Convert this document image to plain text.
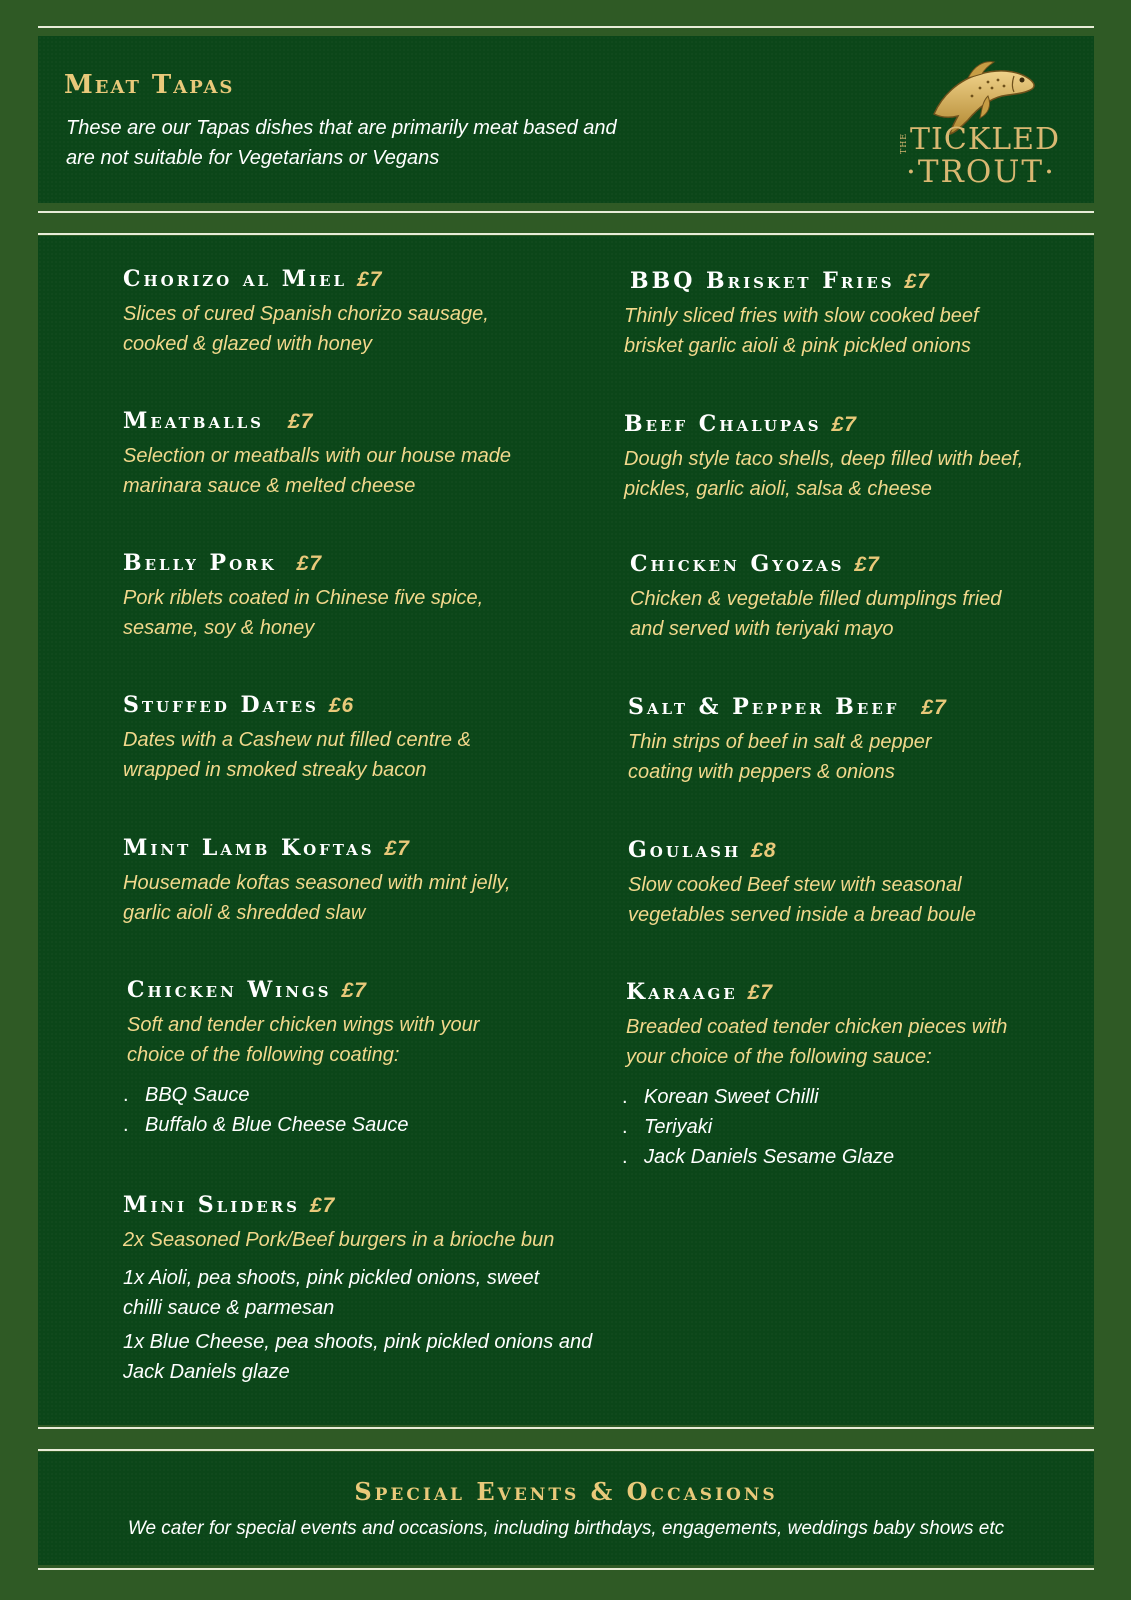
Meat Tapas

These are our Tapas dishes that are primarily meat based and are not suitable for Vegetarians or Vegans

THE TICKLED
·TROUT·
Chorizo al Miel £7

Slices of cured Spanish chorizo sausage, cooked & glazed with honey

Meatballs £7

Selection or meatballs with our house made marinara sauce & melted cheese

Belly Pork £7

Pork riblets coated in Chinese five spice, sesame, soy & honey

Stuffed Dates £6

Dates with a Cashew nut filled centre & wrapped in smoked streaky bacon

Mint Lamb Koftas £7

Housemade koftas seasoned with mint jelly, garlic aioli & shredded slaw

Chicken Wings £7

Soft and tender chicken wings with your choice of the following coating:

. BBQ Sauce
. Buffalo & Blue Cheese Sauce
Mini Sliders £7

2x Seasoned Pork/Beef burgers in a brioche bun

1x Aioli, pea shoots, pink pickled onions, sweet chilli sauce & parmesan

1x Blue Cheese, pea shoots, pink pickled onions and Jack Daniels glaze

BBQ Brisket Fries £7

Thinly sliced fries with slow cooked beef brisket garlic aioli & pink pickled onions

Beef Chalupas £7

Dough style taco shells, deep filled with beef, pickles, garlic aioli, salsa & cheese

Chicken Gyozas £7

Chicken & vegetable filled dumplings fried and served with teriyaki mayo

Salt & Pepper Beef £7

Thin strips of beef in salt & pepper coating with peppers & onions

Goulash £8

Slow cooked Beef stew with seasonal vegetables served inside a bread boule

Karaage £7

Breaded coated tender chicken pieces with your choice of the following sauce:

. Korean Sweet Chilli
. Teriyaki
. Jack Daniels Sesame Glaze
Special Events & Occasions

We cater for special events and occasions, including birthdays, engagements, weddings baby shows etc
